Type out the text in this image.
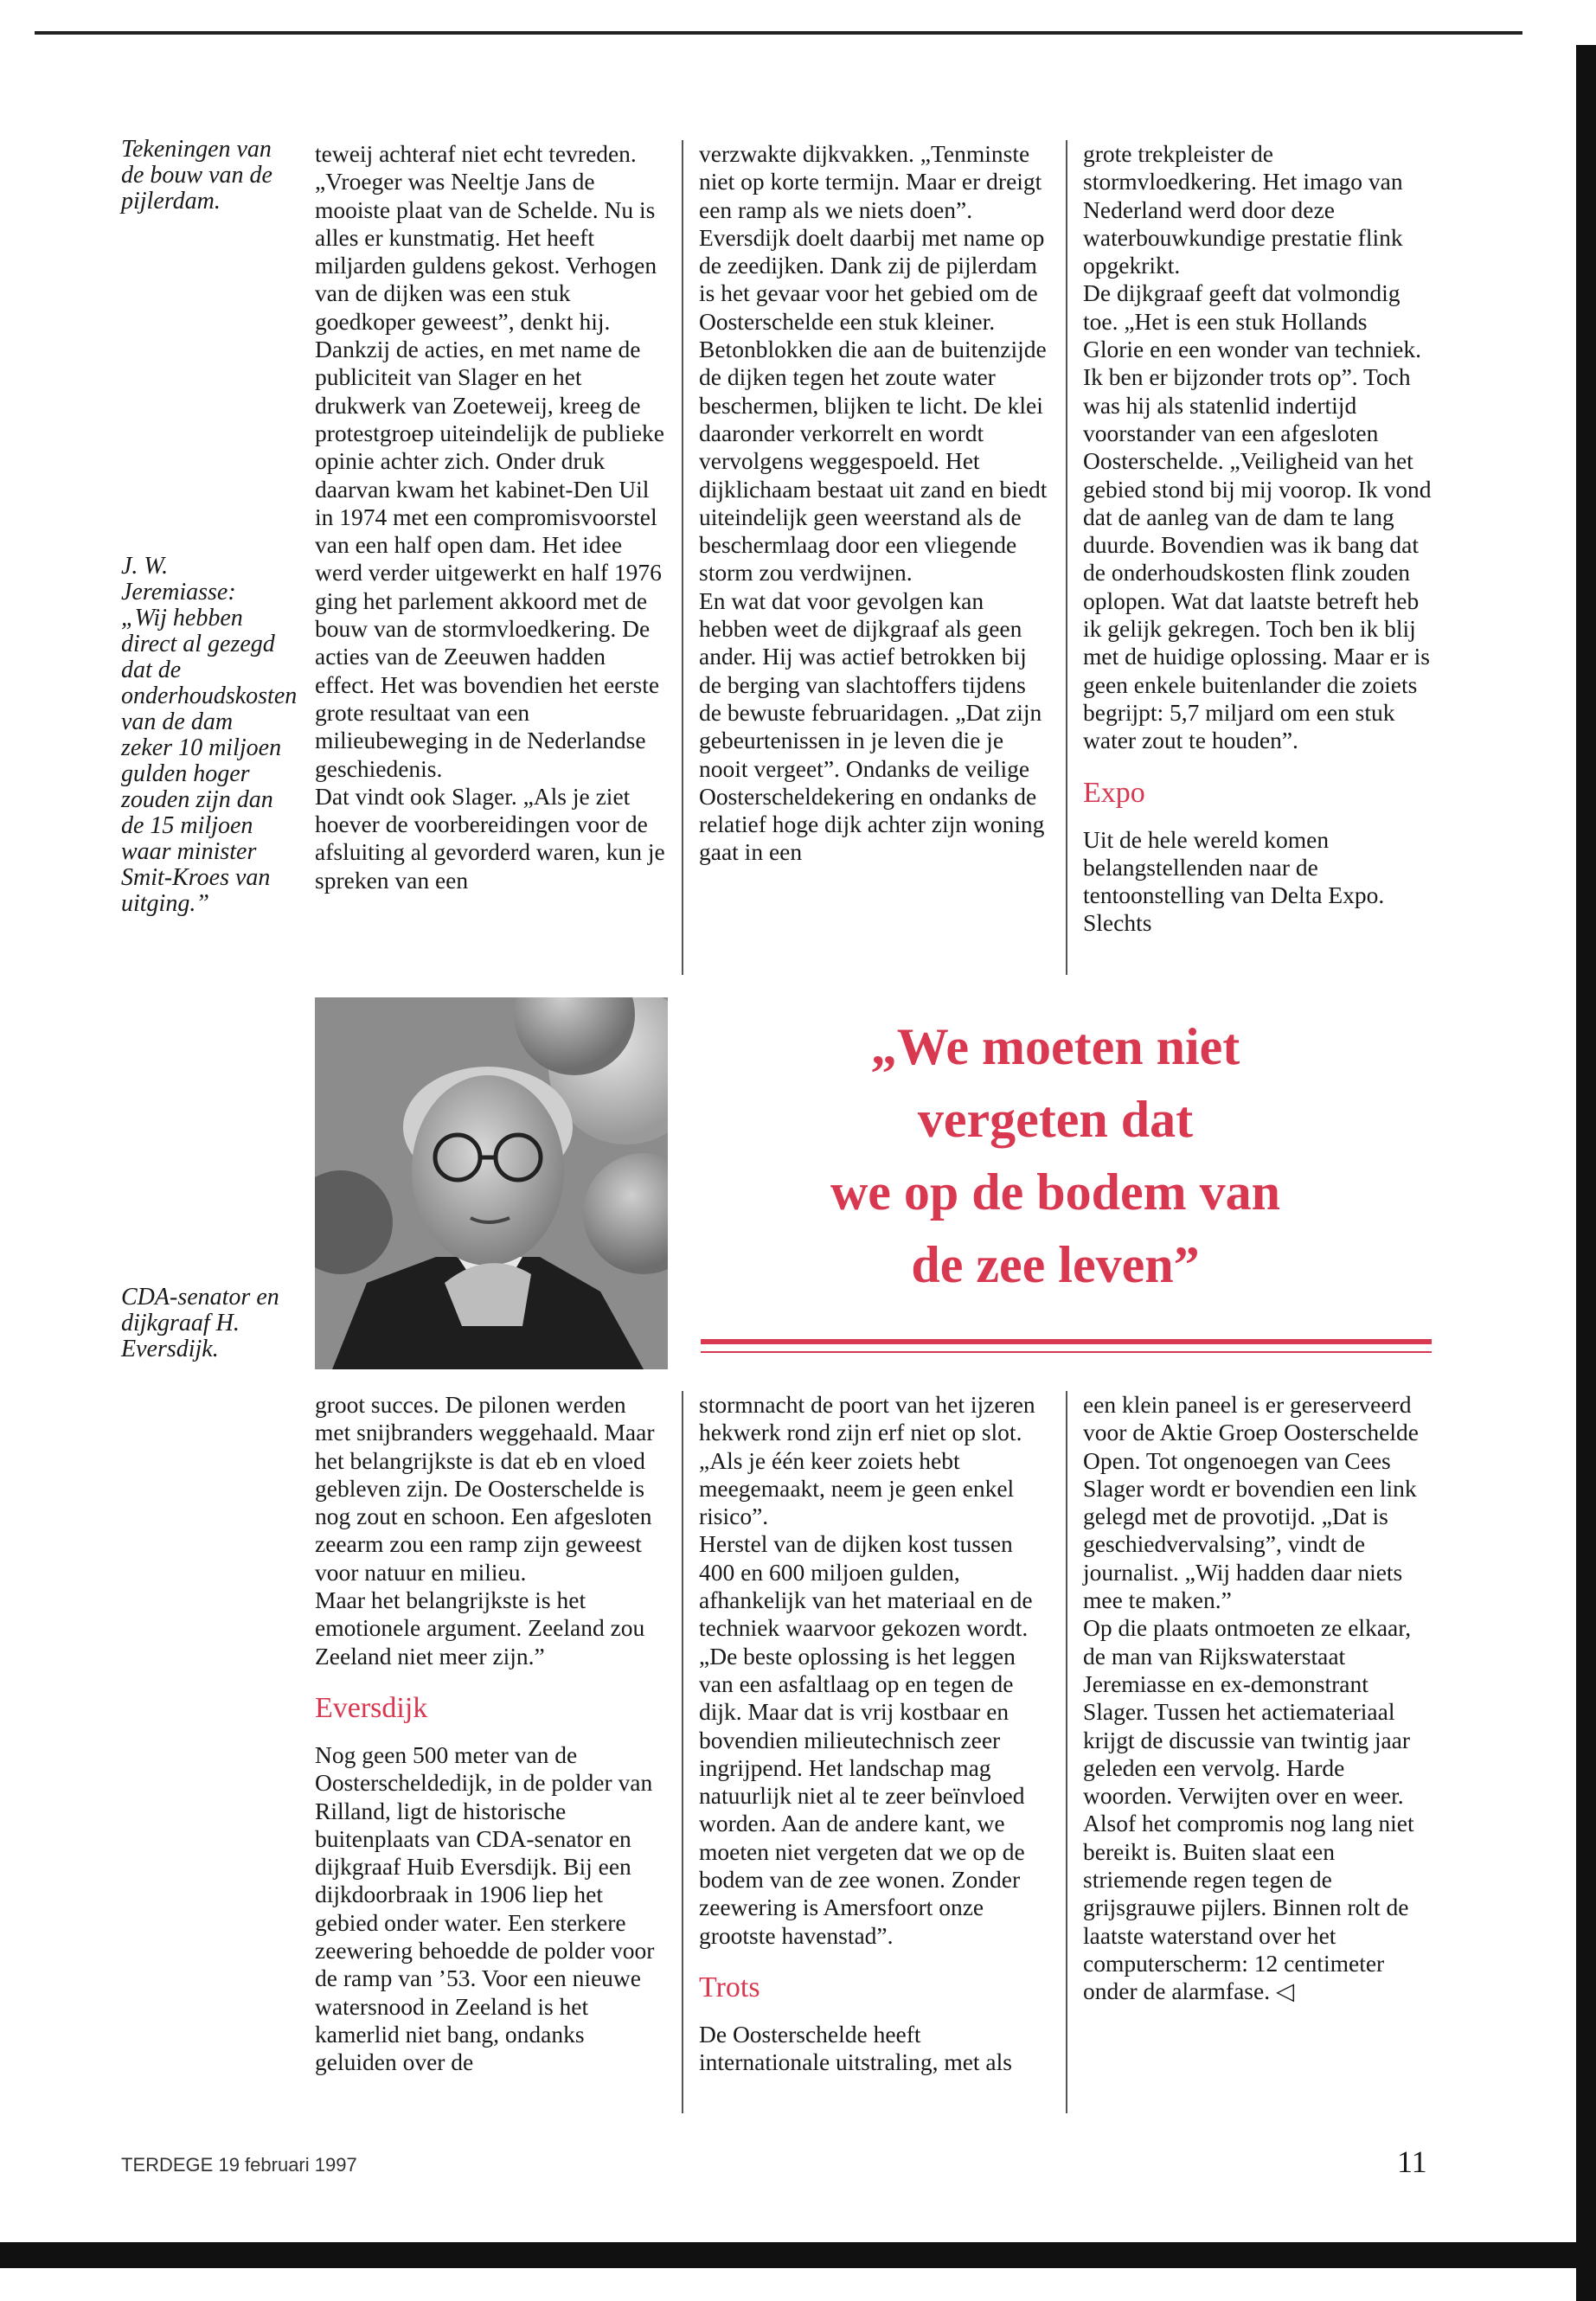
Tekeningen van de bouw van de pijlerdam.
J. W. Jeremiasse: „Wij hebben direct al gezegd dat de onderhoudskosten van de dam zeker 10 miljoen gulden hoger zouden zijn dan de 15 miljoen waar minister Smit-Kroes van uitging.”
CDA-senator en dijkgraaf H. Eversdijk.

teweij achteraf niet echt tevreden. „Vroeger was Neeltje Jans de mooiste plaat van de Schelde. Nu is alles er kunstmatig. Het heeft miljarden guldens gekost. Verhogen van de dijken was een stuk goedkoper geweest”, denkt hij.

Dankzij de acties, en met name de publiciteit van Slager en het drukwerk van Zoeteweij, kreeg de protestgroep uiteindelijk de publieke opinie achter zich. Onder druk daarvan kwam het kabinet-Den Uil in 1974 met een compromisvoorstel van een half open dam. Het idee werd verder uitgewerkt en half 1976 ging het parlement akkoord met de bouw van de stormvloedkering. De acties van de Zeeuwen hadden effect. Het was bovendien het eerste grote resultaat van een milieubeweging in de Nederlandse geschiedenis.

Dat vindt ook Slager. „Als je ziet hoever de voorbereidingen voor de afsluiting al gevorderd waren, kun je spreken van een

verzwakte dijkvakken. „Tenminste niet op korte termijn. Maar er dreigt een ramp als we niets doen”.

Eversdijk doelt daarbij met name op de zeedijken. Dank zij de pijlerdam is het gevaar voor het gebied om de Oosterschelde een stuk kleiner. Betonblokken die aan de buitenzijde de dijken tegen het zoute water beschermen, blijken te licht. De klei daaronder verkorrelt en wordt vervolgens weggespoeld. Het dijklichaam bestaat uit zand en biedt uiteindelijk geen weerstand als de beschermlaag door een vliegende storm zou verdwijnen.

En wat dat voor gevolgen kan hebben weet de dijkgraaf als geen ander. Hij was actief betrokken bij de berging van slachtoffers tijdens de bewuste februaridagen. „Dat zijn gebeurtenissen in je leven die je nooit vergeet”. Ondanks de veilige Oosterscheldekering en ondanks de relatief hoge dijk achter zijn woning gaat in een

grote trekpleister de stormvloedkering. Het imago van Nederland werd door deze waterbouwkundige prestatie flink opgekrikt.

De dijkgraaf geeft dat volmondig toe. „Het is een stuk Hollands Glorie en een wonder van techniek. Ik ben er bijzonder trots op”. Toch was hij als statenlid indertijd voorstander van een afgesloten Oosterschelde. „Veiligheid van het gebied stond bij mij voorop. Ik vond dat de aanleg van de dam te lang duurde. Bovendien was ik bang dat de onderhoudskosten flink zouden oplopen. Wat dat laatste betreft heb ik gelijk gekregen. Toch ben ik blij met de huidige oplossing. Maar er is geen enkele buitenlander die zoiets begrijpt: 5,7 miljard om een stuk water zout te houden”.

Expo

Uit de hele wereld komen belangstellenden naar de tentoonstelling van Delta Expo. Slechts

„We moeten niet
vergeten dat
we op de bodem van
de zee leven”

groot succes. De pilonen werden met snijbranders weggehaald. Maar het belangrijkste is dat eb en vloed gebleven zijn. De Oosterschelde is nog zout en schoon. Een afgesloten zeearm zou een ramp zijn geweest voor natuur en milieu.

Maar het belangrijkste is het emotionele argument. Zeeland zou Zeeland niet meer zijn.”

Eversdijk

Nog geen 500 meter van de Oosterscheldedijk, in de polder van Rilland, ligt de historische buitenplaats van CDA-senator en dijkgraaf Huib Eversdijk. Bij een dijkdoorbraak in 1906 liep het gebied onder water. Een sterkere zeewering behoedde de polder voor de ramp van ’53. Voor een nieuwe watersnood in Zeeland is het kamerlid niet bang, ondanks geluiden over de

stormnacht de poort van het ijzeren hekwerk rond zijn erf niet op slot. „Als je één keer zoiets hebt meegemaakt, neem je geen enkel risico”.

Herstel van de dijken kost tussen 400 en 600 miljoen gulden, afhankelijk van het materiaal en de techniek waarvoor gekozen wordt. „De beste oplossing is het leggen van een asfaltlaag op en tegen de dijk. Maar dat is vrij kostbaar en bovendien milieutechnisch zeer ingrijpend. Het landschap mag natuurlijk niet al te zeer beïnvloed worden. Aan de andere kant, we moeten niet vergeten dat we op de bodem van de zee wonen. Zonder zeewering is Amersfoort onze grootste havenstad”.

Trots

De Oosterschelde heeft internationale uitstraling, met als

een klein paneel is er gereserveerd voor de Aktie Groep Oosterschelde Open. Tot ongenoegen van Cees Slager wordt er bovendien een link gelegd met de provotijd. „Dat is geschiedvervalsing”, vindt de journalist. „Wij hadden daar niets mee te maken.”

Op die plaats ontmoeten ze elkaar, de man van Rijkswaterstaat Jeremiasse en ex-demonstrant Slager. Tussen het actiemateriaal krijgt de discussie van twintig jaar geleden een vervolg. Harde woorden. Verwijten over en weer. Alsof het compromis nog lang niet bereikt is. Buiten slaat een striemende regen tegen de grijsgrauwe pijlers. Binnen rolt de laatste waterstand over het computerscherm: 12 centimeter onder de alarmfase. ◁

TERDEGE 19 februari 1997	11
